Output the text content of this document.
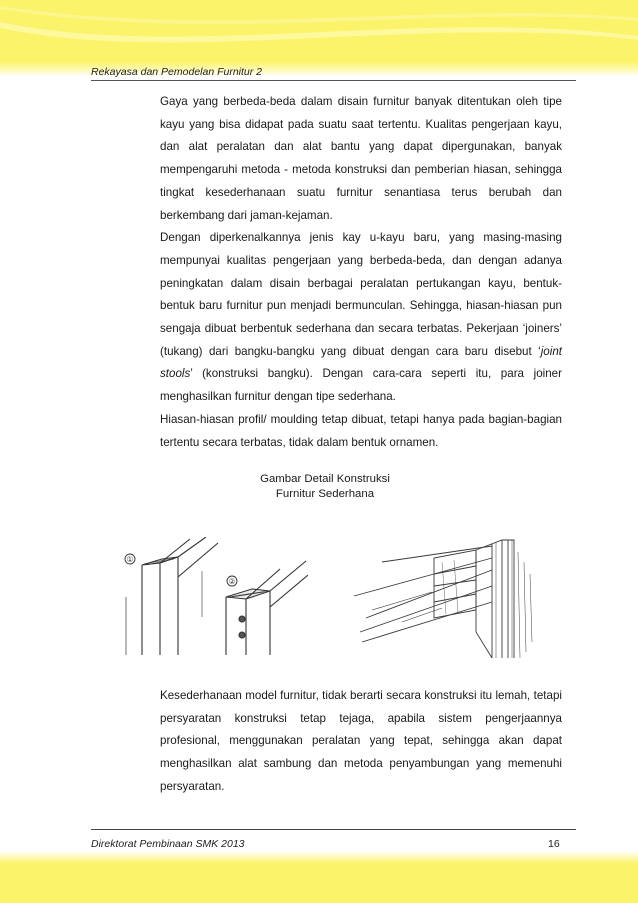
Rekayasa dan Pemodelan Furnitur 2

Gaya yang berbeda-beda dalam disain furnitur banyak ditentukan oleh tipe kayu yang bisa didapat pada suatu saat tertentu. Kualitas pengerjaan kayu, dan alat peralatan dan alat bantu yang dapat dipergunakan, banyak mempengaruhi metoda - metoda konstruksi dan pemberian hiasan, sehingga tingkat kesederhanaan suatu furnitur senantiasa terus berubah dan berkembang dari jaman-kejaman.

Dengan diperkenalkannya jenis kay u-kayu baru, yang masing-masing mempunyai kualitas pengerjaan yang berbeda-beda, dan dengan adanya peningkatan dalam disain berbagai peralatan pertukangan kayu, bentuk-bentuk baru furnitur pun menjadi bermunculan. Sehingga, hiasan-hiasan pun sengaja dibuat berbentuk sederhana dan secara terbatas. Pekerjaan ‘joiners’ (tukang) dari bangku-bangku yang dibuat dengan cara baru disebut ‘joint stools’ (konstruksi bangku). Dengan cara-cara seperti itu, para joiner menghasilkan furnitur dengan tipe sederhana.

Hiasan-hiasan profil/ moulding tetap dibuat, tetapi hanya pada bagian-bagian tertentu secara terbatas, tidak dalam bentuk ornamen.

Gambar Detail Konstruksi
Furnitur Sederhana
①
②

Kesederhanaan model furnitur, tidak berarti secara konstruksi itu lemah, tetapi persyaratan konstruksi tetap tejaga, apabila sistem pengerjaannya profesional, menggunakan peralatan yang tepat, sehingga akan dapat menghasilkan alat sambung dan metoda penyambungan yang memenuhi persyaratan.

Direktorat Pembinaan SMK 2013	16
